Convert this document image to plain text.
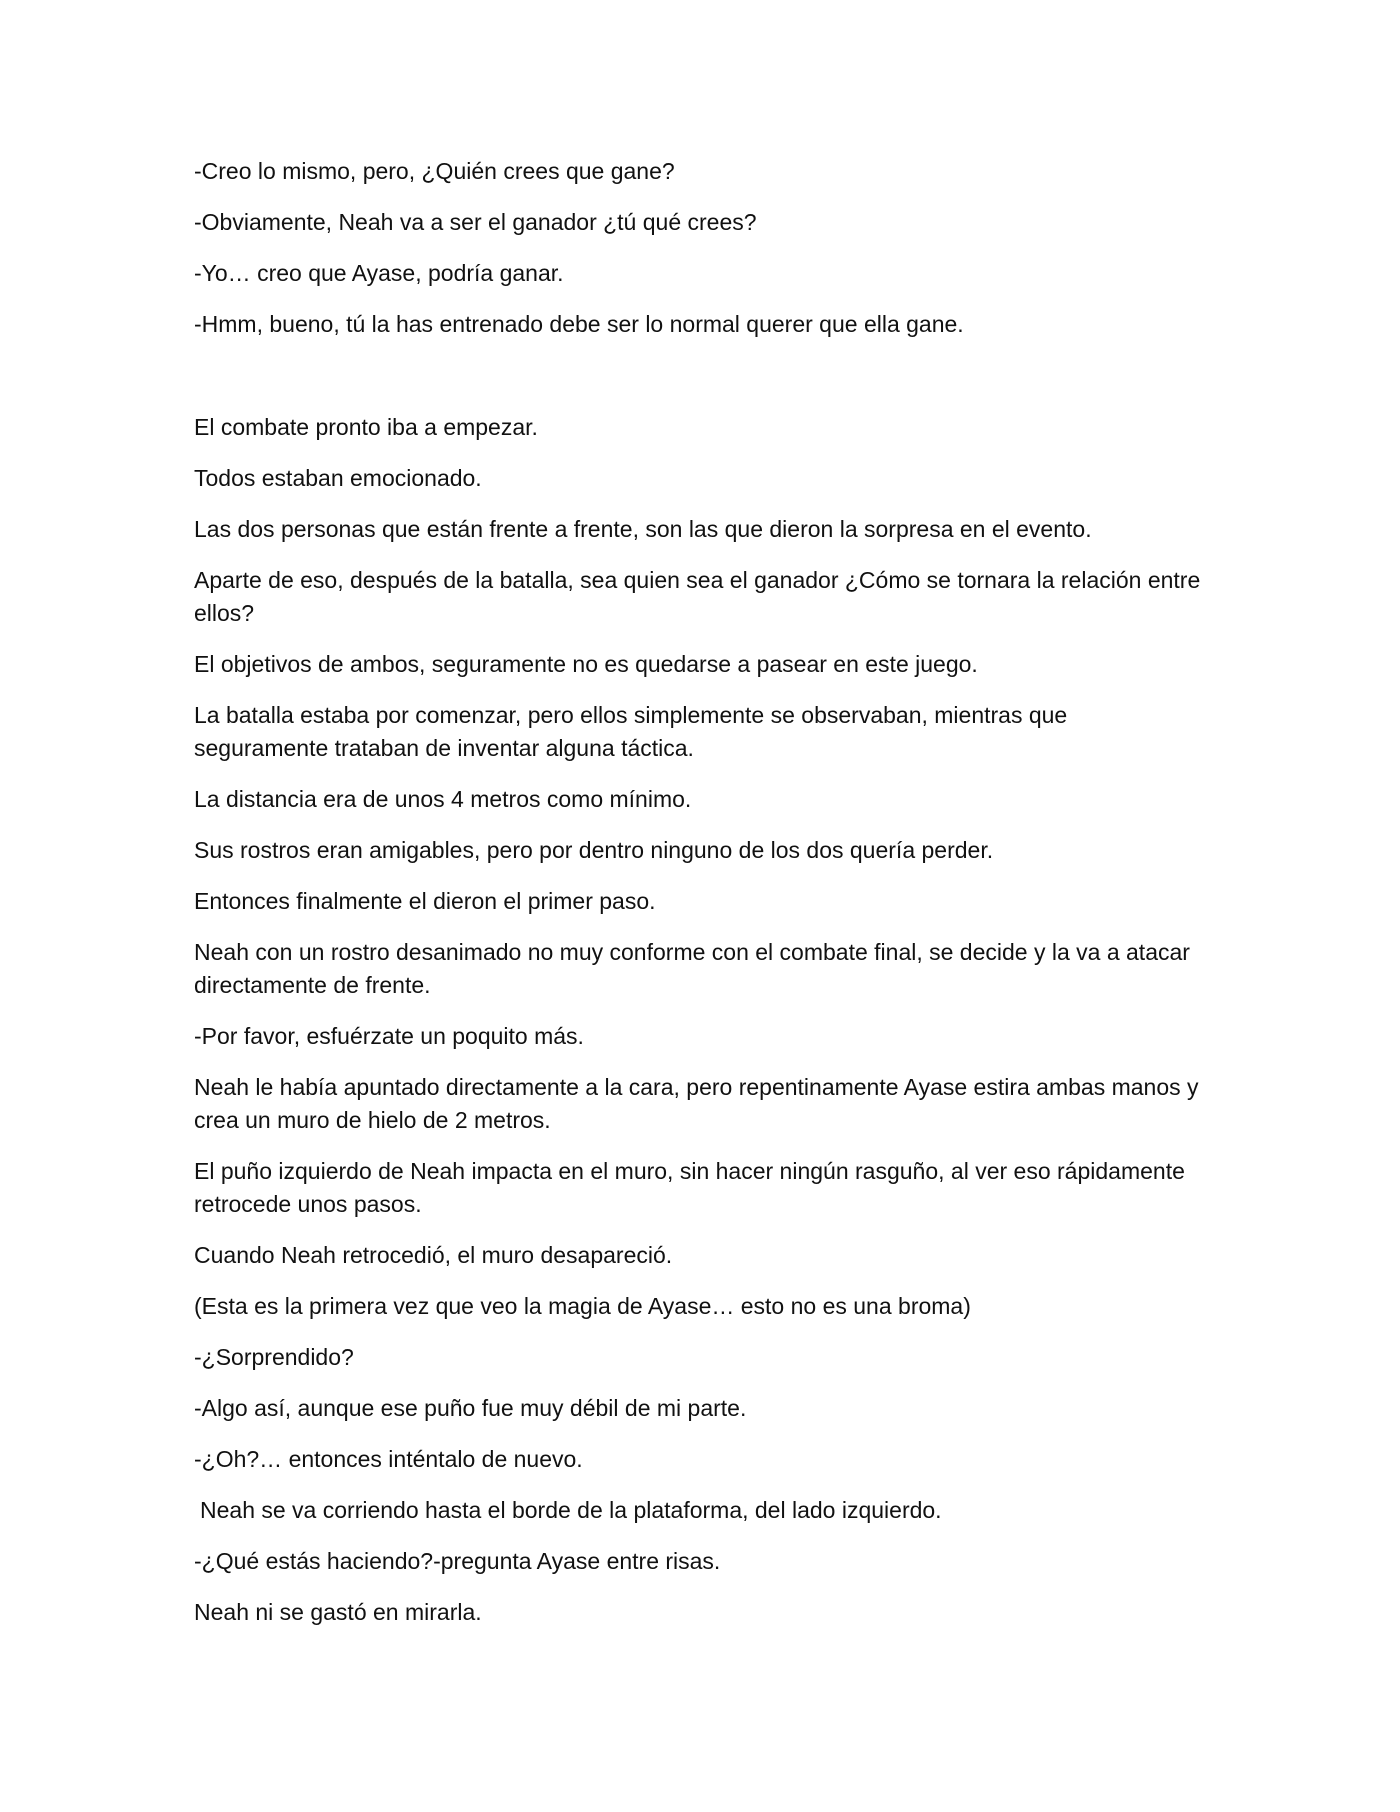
-Creo lo mismo, pero, ¿Quién crees que gane?

-Obviamente, Neah va a ser el ganador ¿tú qué crees?

-Yo… creo que Ayase, podría ganar.

-Hmm, bueno, tú la has entrenado debe ser lo normal querer que ella gane.

El combate pronto iba a empezar.

Todos estaban emocionado.

Las dos personas que están frente a frente, son las que dieron la sorpresa en el evento.

Aparte de eso, después de la batalla, sea quien sea el ganador ¿Cómo se tornara la relación entre ellos?

El objetivos de ambos, seguramente no es quedarse a pasear en este juego.

La batalla estaba por comenzar, pero ellos simplemente se observaban, mientras que seguramente trataban de inventar alguna táctica.

La distancia era de unos 4 metros como mínimo.

Sus rostros eran amigables, pero por dentro ninguno de los dos quería perder.

Entonces finalmente el dieron el primer paso.

Neah con un rostro desanimado no muy conforme con el combate final, se decide y la va a atacar directamente de frente.

-Por favor, esfuérzate un poquito más.

Neah le había apuntado directamente a la cara, pero repentinamente Ayase estira ambas manos y crea un muro de hielo de 2 metros.

El puño izquierdo de Neah impacta en el muro, sin hacer ningún rasguño, al ver eso rápidamente retrocede unos pasos.

Cuando Neah retrocedió, el muro desapareció.

(Esta es la primera vez que veo la magia de Ayase… esto no es una broma)

-¿Sorprendido?

-Algo así, aunque ese puño fue muy débil de mi parte.

-¿Oh?… entonces inténtalo de nuevo.

Neah se va corriendo hasta el borde de la plataforma, del lado izquierdo.

-¿Qué estás haciendo?-pregunta Ayase entre risas.

Neah ni se gastó en mirarla.
